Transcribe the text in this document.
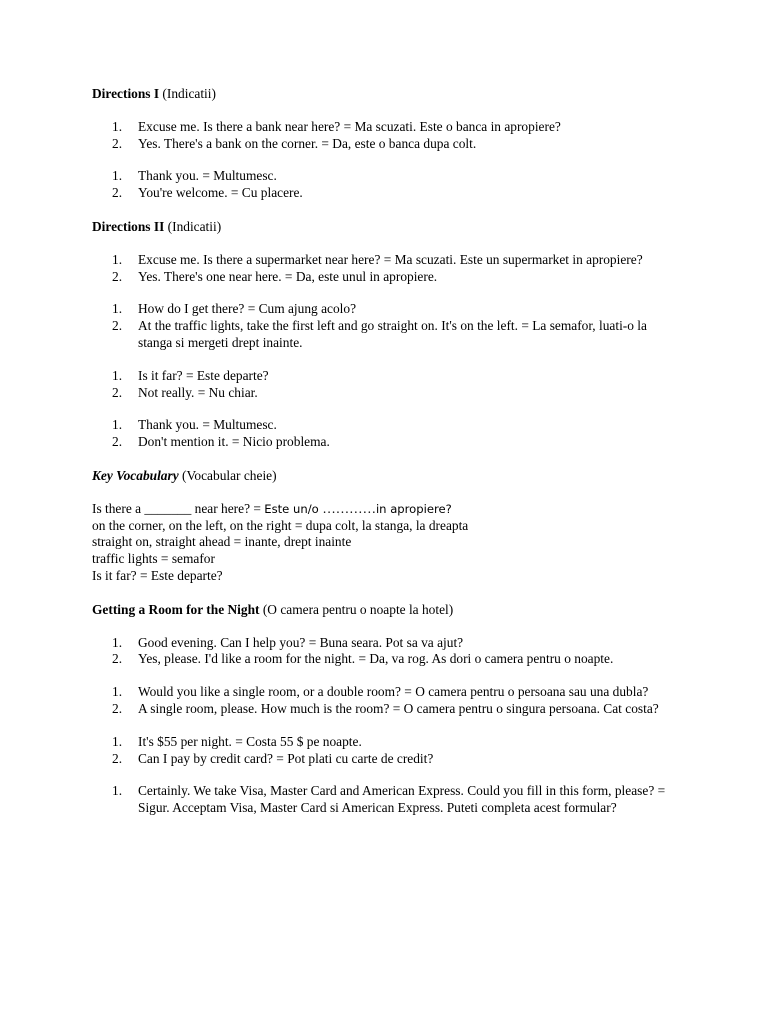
Directions I (Indicatii)

1. Excuse me. Is there a bank near here? = Ma scuzati. Este o banca in apropiere?
2. Yes. There's a bank on the corner. = Da, este o banca dupa colt.
1. Thank you. = Multumesc.
2. You're welcome. = Cu placere.

Directions II (Indicatii)

1. Excuse me. Is there a supermarket near here? = Ma scuzati. Este un supermarket in apropiere?
2. Yes. There's one near here. = Da, este unul in apropiere.
1. How do I get there? = Cum ajung acolo?
2. At the traffic lights, take the first left and go straight on. It's on the left. = La semafor, luati-o la stanga si mergeti drept inainte.
1. Is it far? = Este departe?
2. Not really. = Nu chiar.
1. Thank you. = Multumesc.
2. Don't mention it. = Nicio problema.

Key Vocabulary (Vocabular cheie)

Is there a _______ near here? = Este un/o …………in apropiere?
on the corner, on the left, on the right = dupa colt, la stanga, la dreapta
straight on, straight ahead = inante, drept inainte
traffic lights = semafor
Is it far? = Este departe?

Getting a Room for the Night (O camera pentru o noapte la hotel)

1. Good evening. Can I help you? = Buna seara. Pot sa va ajut?
2. Yes, please. I'd like a room for the night. = Da, va rog. As dori o camera pentru o noapte.
1. Would you like a single room, or a double room? = O camera pentru o persoana sau una dubla?
2. A single room, please. How much is the room? = O camera pentru o singura persoana. Cat costa?
1. It's $55 per night. = Costa 55 $ pe noapte.
2. Can I pay by credit card? = Pot plati cu carte de credit?
1. Certainly. We take Visa, Master Card and American Express. Could you fill in this form, please? = Sigur. Acceptam Visa, Master Card si American Express. Puteti completa acest formular?
